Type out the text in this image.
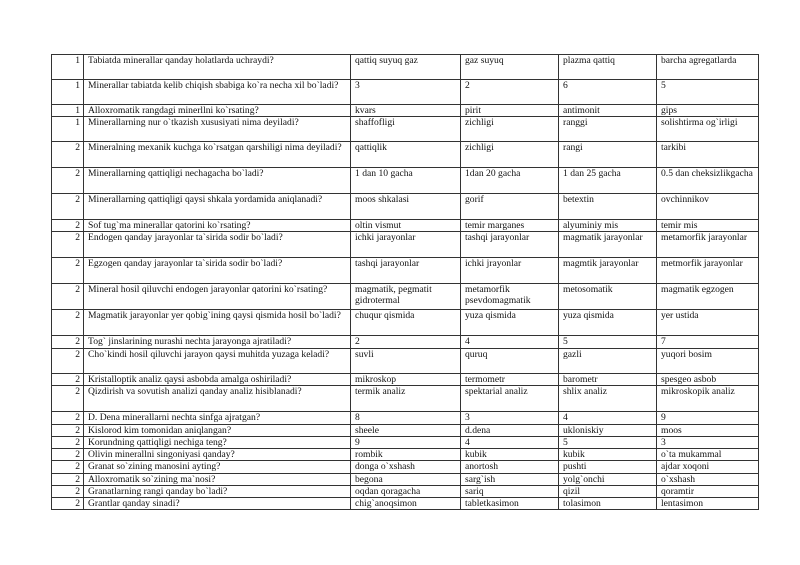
1	Tabiatda minerallar qanday holatlarda uchraydi?	qattiq suyuq gaz	gaz suyuq	plazma qattiq	barcha agregatlarda
1	Minerallar tabiatda kelib chiqish sbabiga ko`ra necha xil bo`ladi?	3	2	6	5
1	Alloxromatik rangdagi minerllni ko`rsating?	kvars	pirit	antimonit	gips
1	Minerallarning nur o`tkazish xususiyati nima deyiladi?	shaffofligi	zichligi	ranggi	solishtirma og`irligi
2	Mineralning mexanik kuchga ko`rsatgan qarshiligi nima deyiladi?	qattiqlik	zichligi	rangi	tarkibi
2	Minerallarning qattiqligi nechagacha bo`ladi?	1 dan 10 gacha	1dan 20 gacha	1 dan 25 gacha	0.5 dan cheksizlikgacha
2	Minerallarning qattiqligi qaysi shkala yordamida aniqlanadi?	moos shkalasi	gorif	betextin	ovchinnikov
2	Sof tug`ma minerallar qatorini ko`rsating?	oltin vismut	temir marganes	alyuminiy mis	temir mis
2	Endogen qanday jarayonlar ta`sirida sodir bo`ladi?	ichki jarayonlar	tashqi jarayonlar	magmatik jarayonlar	metamorfik jarayonlar
2	Egzogen qanday jarayonlar ta`sirida sodir bo`ladi?	tashqi jarayonlar	ichki jrayonlar	magmtik jarayonlar	metmorfik jarayonlar
2	Mineral hosil qiluvchi endogen jarayonlar qatorini ko`rsating?	magmatik, pegmatit gidrotermal	metamorfik psevdomagmatik	metosomatik	magmatik egzogen
2	Magmatik jarayonlar yer qobig`ining qaysi qismida hosil bo`ladi?	chuqur qismida	yuza qismida	yuza qismida	yer ustida
2	Tog` jinslarining nurashi nechta jarayonga ajratiladi?	2	4	5	7
2	Cho`kindi hosil qiluvchi jarayon qaysi muhitda yuzaga keladi?	suvli	quruq	gazli	yuqori bosim
2	Kristalloptik analiz qaysi asbobda amalga oshiriladi?	mikroskop	termometr	barometr	spesgeo asbob
2	Qizdirish va sovutish analizi qanday analiz hisiblanadi?	termik analiz	spektarial analiz	shlix analiz	mikroskopik analiz
2	D. Dena minerallarni nechta sinfga ajratgan?	8	3	4	9
2	Kislorod kim tomonidan aniqlangan?	sheele	d.dena	ukloniskiy	moos
2	Korundning qattiqligi nechiga teng?	9	4	5	3
2	Olivin minerallni singoniyasi qanday?	rombik	kubik	kubik	o`ta mukammal
2	Granat so`zining manosini ayting?	donga o`xshash	anortosh	pushti	ajdar xoqoni
2	Alloxromatik so`zining ma`nosi?	begona	sarg`ish	yolg`onchi	o`xshash
2	Granatlarning rangi qanday bo`ladi?	oqdan qoragacha	sariq	qizil	qoramtir
2	Grantlar qanday sinadi?	chig`anoqsimon	tabletkasimon	tolasimon	lentasimon
